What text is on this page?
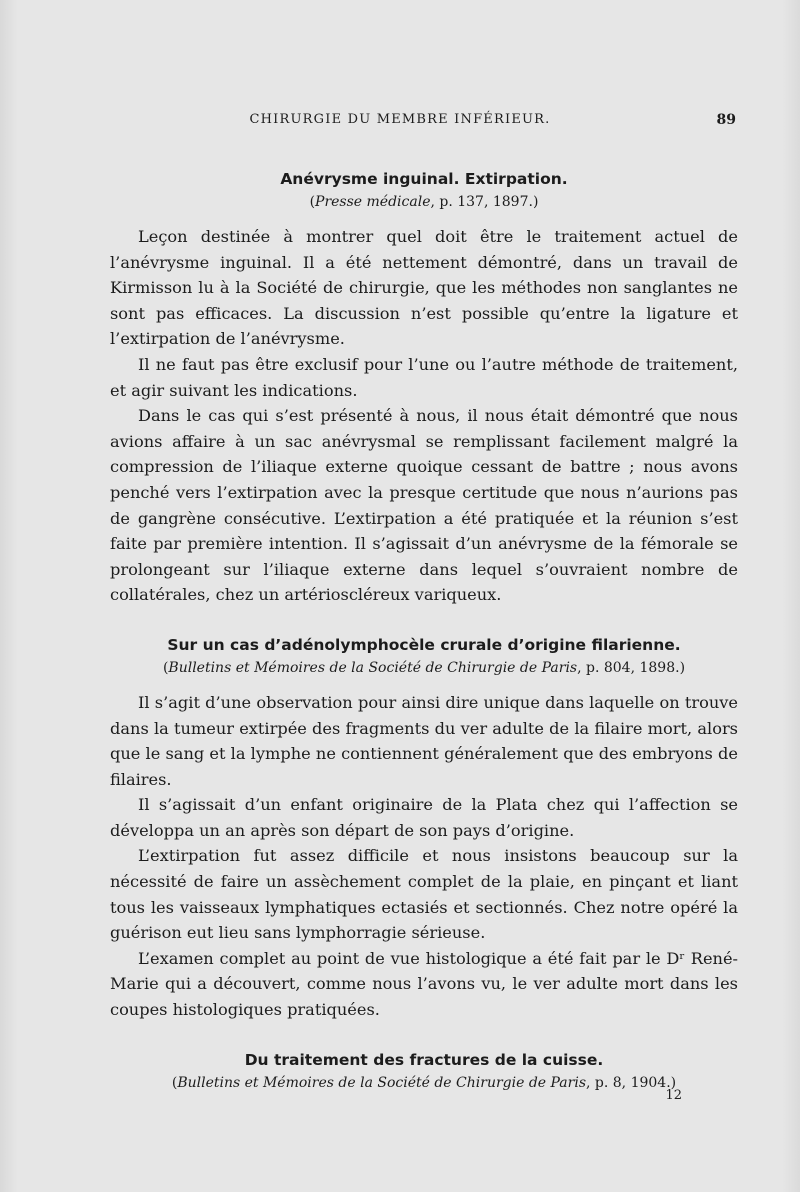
CHIRURGIE DU MEMBRE INFÉRIEUR.	89
Anévrysme inguinal. Extirpation.

(Presse médicale, p. 137, 1897.)

Leçon destinée à montrer quel doit être le traitement actuel de l’anévrysme inguinal. Il a été nettement démontré, dans un travail de Kirmisson lu à la Société de chirurgie, que les méthodes non sanglantes ne sont pas efficaces. La discussion n’est possible qu’entre la ligature et l’extirpation de l’anévrysme.

Il ne faut pas être exclusif pour l’une ou l’autre méthode de traitement, et agir suivant les indications.

Dans le cas qui s’est présenté à nous, il nous était démontré que nous avions affaire à un sac anévrysmal se remplissant facilement malgré la compression de l’iliaque externe quoique cessant de battre ; nous avons penché vers l’extirpation avec la presque certitude que nous n’aurions pas de gangrène consécutive. L’extirpation a été pratiquée et la réunion s’est faite par première intention. Il s’agissait d’un anévrysme de la fémorale se prolongeant sur l’iliaque externe dans lequel s’ouvraient nombre de collatérales, chez un artérioscléreux variqueux.

Sur un cas d’adénolymphocèle crurale d’origine filarienne.

(Bulletins et Mémoires de la Société de Chirurgie de Paris, p. 804, 1898.)

Il s’agit d’une observation pour ainsi dire unique dans laquelle on trouve dans la tumeur extirpée des fragments du ver adulte de la filaire mort, alors que le sang et la lymphe ne contiennent généralement que des embryons de filaires.

Il s’agissait d’un enfant originaire de la Plata chez qui l’affection se développa un an après son départ de son pays d’origine.

L’extirpation fut assez difficile et nous insistons beaucoup sur la nécessité de faire un assèchement complet de la plaie, en pinçant et liant tous les vaisseaux lymphatiques ectasiés et sectionnés. Chez notre opéré la guérison eut lieu sans lymphorragie sérieuse.

L’examen complet au point de vue histologique a été fait par le Dʳ René-Marie qui a découvert, comme nous l’avons vu, le ver adulte mort dans les coupes histologiques pratiquées.

Du traitement des fractures de la cuisse.

(Bulletins et Mémoires de la Société de Chirurgie de Paris, p. 8, 1904.)

12
